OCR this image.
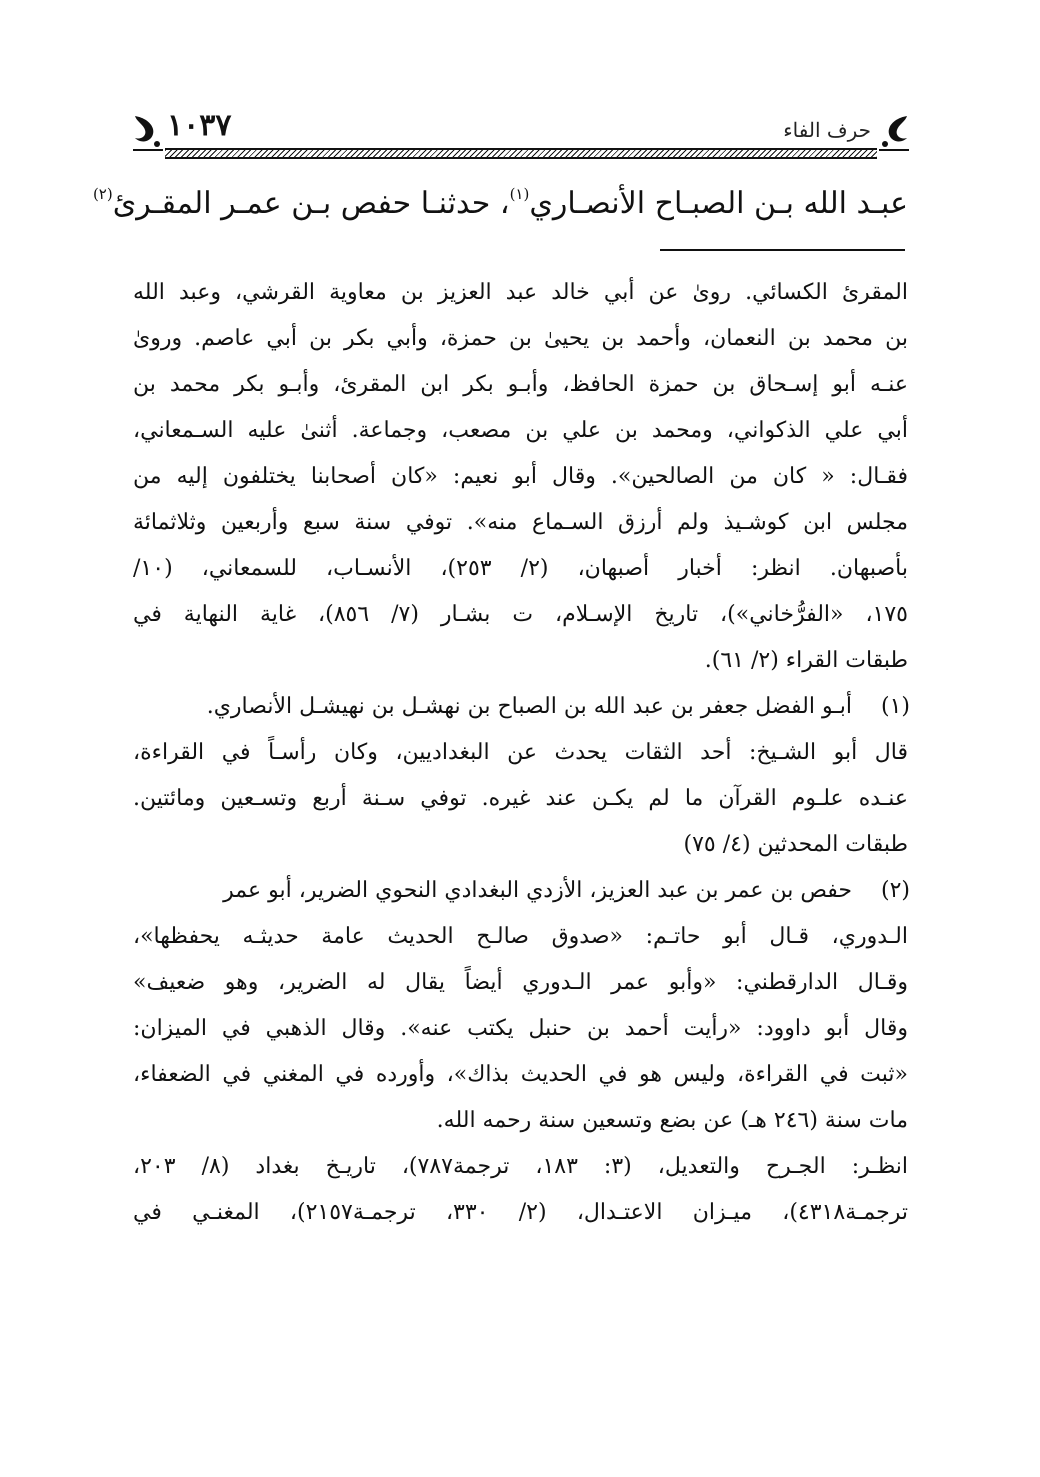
حرف الفاء
١٠٣٧
عبـد الله بـن الصبـاح الأنصـاري$^{(١)}$، حدثنـا حفص بـن عمـر المقـرئ$^{(٢)}$
المقرئ الكسائي. روىٰ عن أبي خالد عبد العزيز بن معاوية القرشي، وعبد الله
بن محمد بن النعمان، وأحمد بن يحيىٰ بن حمزة، وأبي بكر بن أبي عاصم. وروىٰ
عنـه أبو إسـحاق بن حمزة الحافظ، وأبـو بكر ابن المقرئ، وأبـو بكر محمد بن
أبي علي الذكواني، ومحمد بن علي بن مصعب، وجماعة. أثنىٰ عليه السـمعاني،
فقـال: « كان من الصالحين». وقال أبو نعيم: «كان أصحابنا يختلفون إليه من
مجلس ابن كوشـيذ ولم أرزق السـماع منه». توفي سنة سبع وأربعين وثلاثمائة
بأصبهان. انظر: أخبار أصبهان، (٢/ ٢٥٣)، الأنسـاب، للسمعاني، (١٠/
١٧٥، «الفرُّخاني»)، تاريخ الإسـلام، ت بشـار (٧/ ٨٥٦)، غاية النهاية في
طبقات القراء (٢/ ٦١).
(١)
أبـو الفضل جعفر بن عبد الله بن الصباح بن نهشـل بن نهيشـل الأنصاري.
قال أبو الشـيخ: أحد الثقات يحدث عن البغداديين، وكان رأسـاً في القراءة،
عنـده علـوم القرآن ما لم يكـن عند غيره. توفي سـنة أربع وتسـعين ومائتين.
طبقات المحدثين (٤/ ٧٥)
(٢)
حفص بن عمر بن عبد العزيز، الأزدي البغدادي النحوي الضرير، أبو عمر
الـدوري، قـال أبو حاتـم: «صدوق صالـح الحديث عامة حديثـه يحفظها»،
وقـال الدارقطني: «وأبو عمر الـدوري أيضاً يقال له الضرير، وهو ضعيف»
وقال أبو داوود: «رأيت أحمد بن حنبل يكتب عنه». وقال الذهبي في الميزان:
«ثبت في القراءة، وليس هو في الحديث بذاك»، وأورده في المغني في الضعفاء،
مات سنة (٢٤٦ هـ) عن بضع وتسعين سنة رحمه الله.
انظـر: الجـرح والتعديل، (٣: ١٨٣، ترجمة٧٨٧)، تاريـخ بغداد (٨/ ٢٠٣،
ترجمـة٤٣١٨)، ميـزان الاعتـدال، (٢/ ٣٣٠، ترجمـة٢١٥٧)، المغنـي في
